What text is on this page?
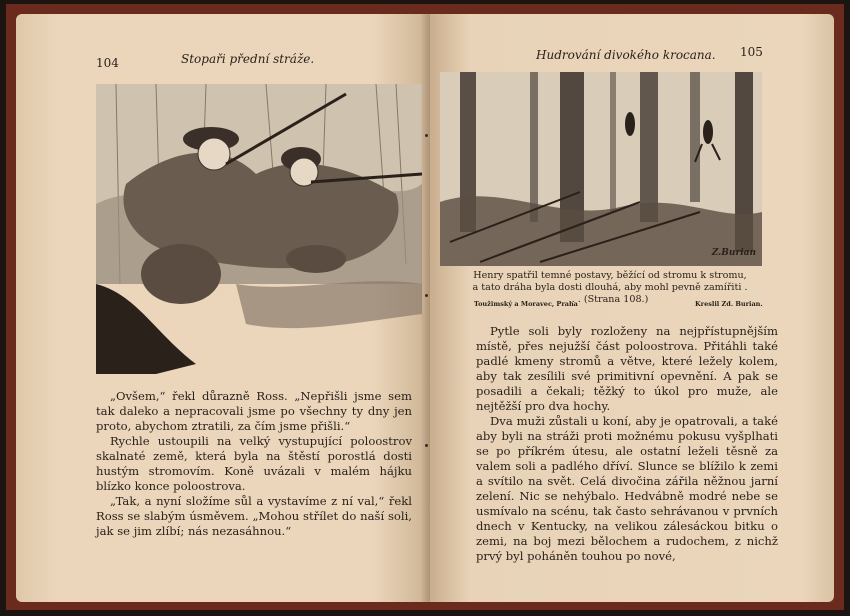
104	Stopaři přední stráže.

„Ovšem,“ řekl důrazně Ross. „Nepřišli jsme sem tak daleko a nepracovali jsme po všechny ty dny jen proto, abychom ztratili, za čím jsme přišli.“

Rychle ustoupili na velký vystupující poloostrov skalnaté země, která byla na štěstí porostlá dosti hustým stromovím. Koně uvázali v malém hájku blízko konce poloostrova.

„Tak, a nyní složíme sůl a vystavíme z ní val,“ řekl Ross se slabým úsměvem. „Mohou střílet do naší soli, jak se jim zlíbí; nás nezasáhnou.“

Hudrování divokého krocana. 105
Z.Burian
Henry spatřil temné postavy, běžící od stromu k stromu, a tato dráha byla dosti dlouhá, aby mohl pevně zamířiti . . . (Strana 108.)
Toužimský a Moravec, Praha	Kreslil Zd. Burian.

Pytle soli byly rozloženy na nejpřístupnějším místě, přes nejužší část poloostrova. Přitáhli také padlé kmeny stromů a větve, které ležely kolem, aby tak zesílili své primitivní opevnění. A pak se posadili a čekali; těžký to úkol pro muže, ale nejtěžší pro dva hochy.

Dva muži zůstali u koní, aby je opatrovali, a také aby byli na stráži proti možnému pokusu vyšplhati se po příkrém útesu, ale ostatní leželi těsně za valem soli a padlého dříví. Slunce se blížilo k zemi a svítilo na svět. Celá divočina zářila něžnou jarní zelení. Nic se nehýbalo. Hedvábně modré nebe se usmívalo na scénu, tak často sehrávanou v prvních dnech v Kentucky, na velikou zálesáckou bitku o zemi, na boj mezi bělochem a rudochem, z nichž prvý byl poháněn touhou po nové,
